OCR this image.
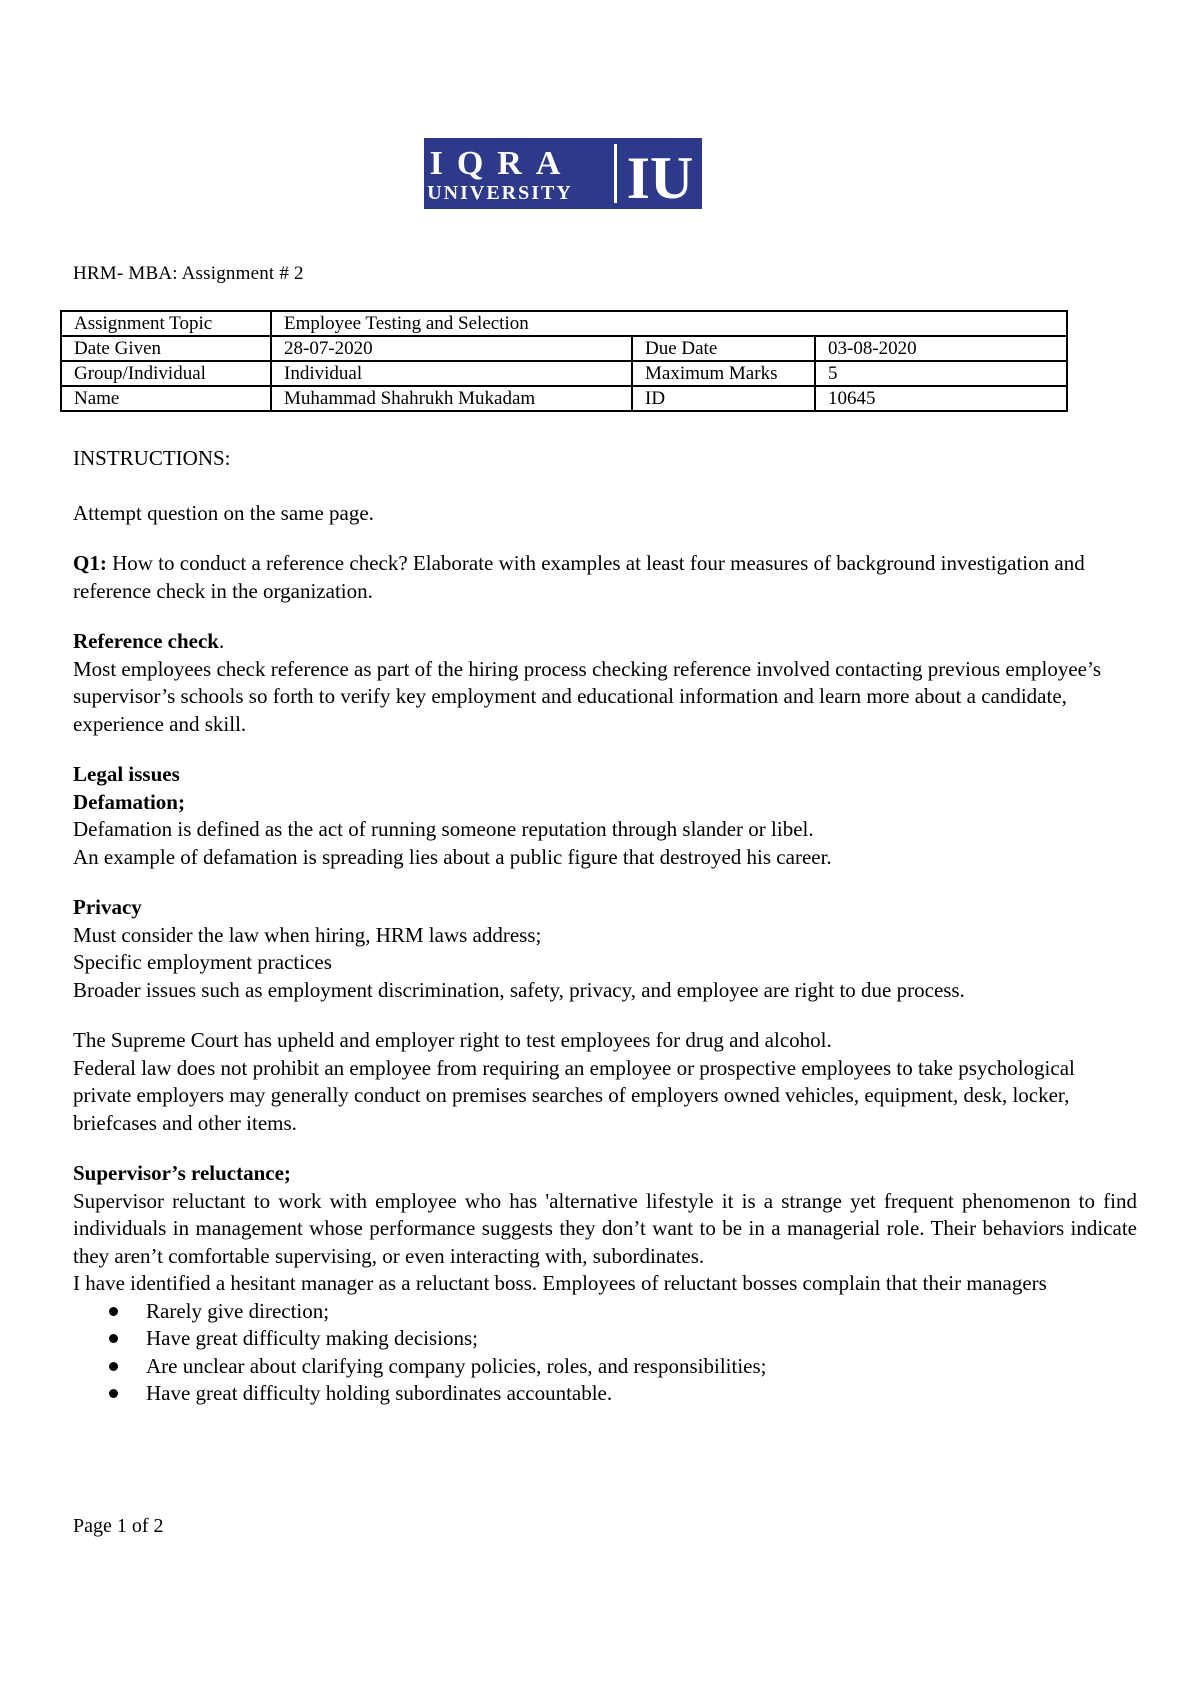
IQRA
UNIVERSITY IU
HRM- MBA: Assignment # 2
Assignment Topic	Employee Testing and Selection		
Date Given	28-07-2020	Due Date	03-08-2020
Group/Individual	Individual	Maximum Marks	5
Name	Muhammad Shahrukh Mukadam	ID	10645

INSTRUCTIONS:

Attempt question on the same page.

Q1: How to conduct a reference check? Elaborate with examples at least four measures of background investigation and reference check in the organization.

Reference check.

Most employees check reference as part of the hiring process checking reference involved contacting previous employee’s supervisor’s schools so forth to verify key employment and educational information and learn more about a candidate, experience and skill.

Legal issues

Defamation;

Defamation is defined as the act of running someone reputation through slander or libel.

An example of defamation is spreading lies about a public figure that destroyed his career.

Privacy

Must consider the law when hiring, HRM laws address;

Specific employment practices

Broader issues such as employment discrimination, safety, privacy, and employee are right to due process.

The Supreme Court has upheld and employer right to test employees for drug and alcohol.

Federal law does not prohibit an employee from requiring an employee or prospective employees to take psychological private employers may generally conduct on premises searches of employers owned vehicles, equipment, desk, locker, briefcases and other items.

Supervisor’s reluctance;

Supervisor reluctant to work with employee who has 'alternative lifestyle it is a strange yet frequent phenomenon to find individuals in management whose performance suggests they don’t want to be in a managerial role. Their behaviors indicate they aren’t comfortable supervising, or even interacting with, subordinates.

I have identified a hesitant manager as a reluctant boss. Employees of reluctant bosses complain that their managers

Rarely give direction;
Have great difficulty making decisions;
Are unclear about clarifying company policies, roles, and responsibilities;
Have great difficulty holding subordinates accountable.
Page 1 of 2
